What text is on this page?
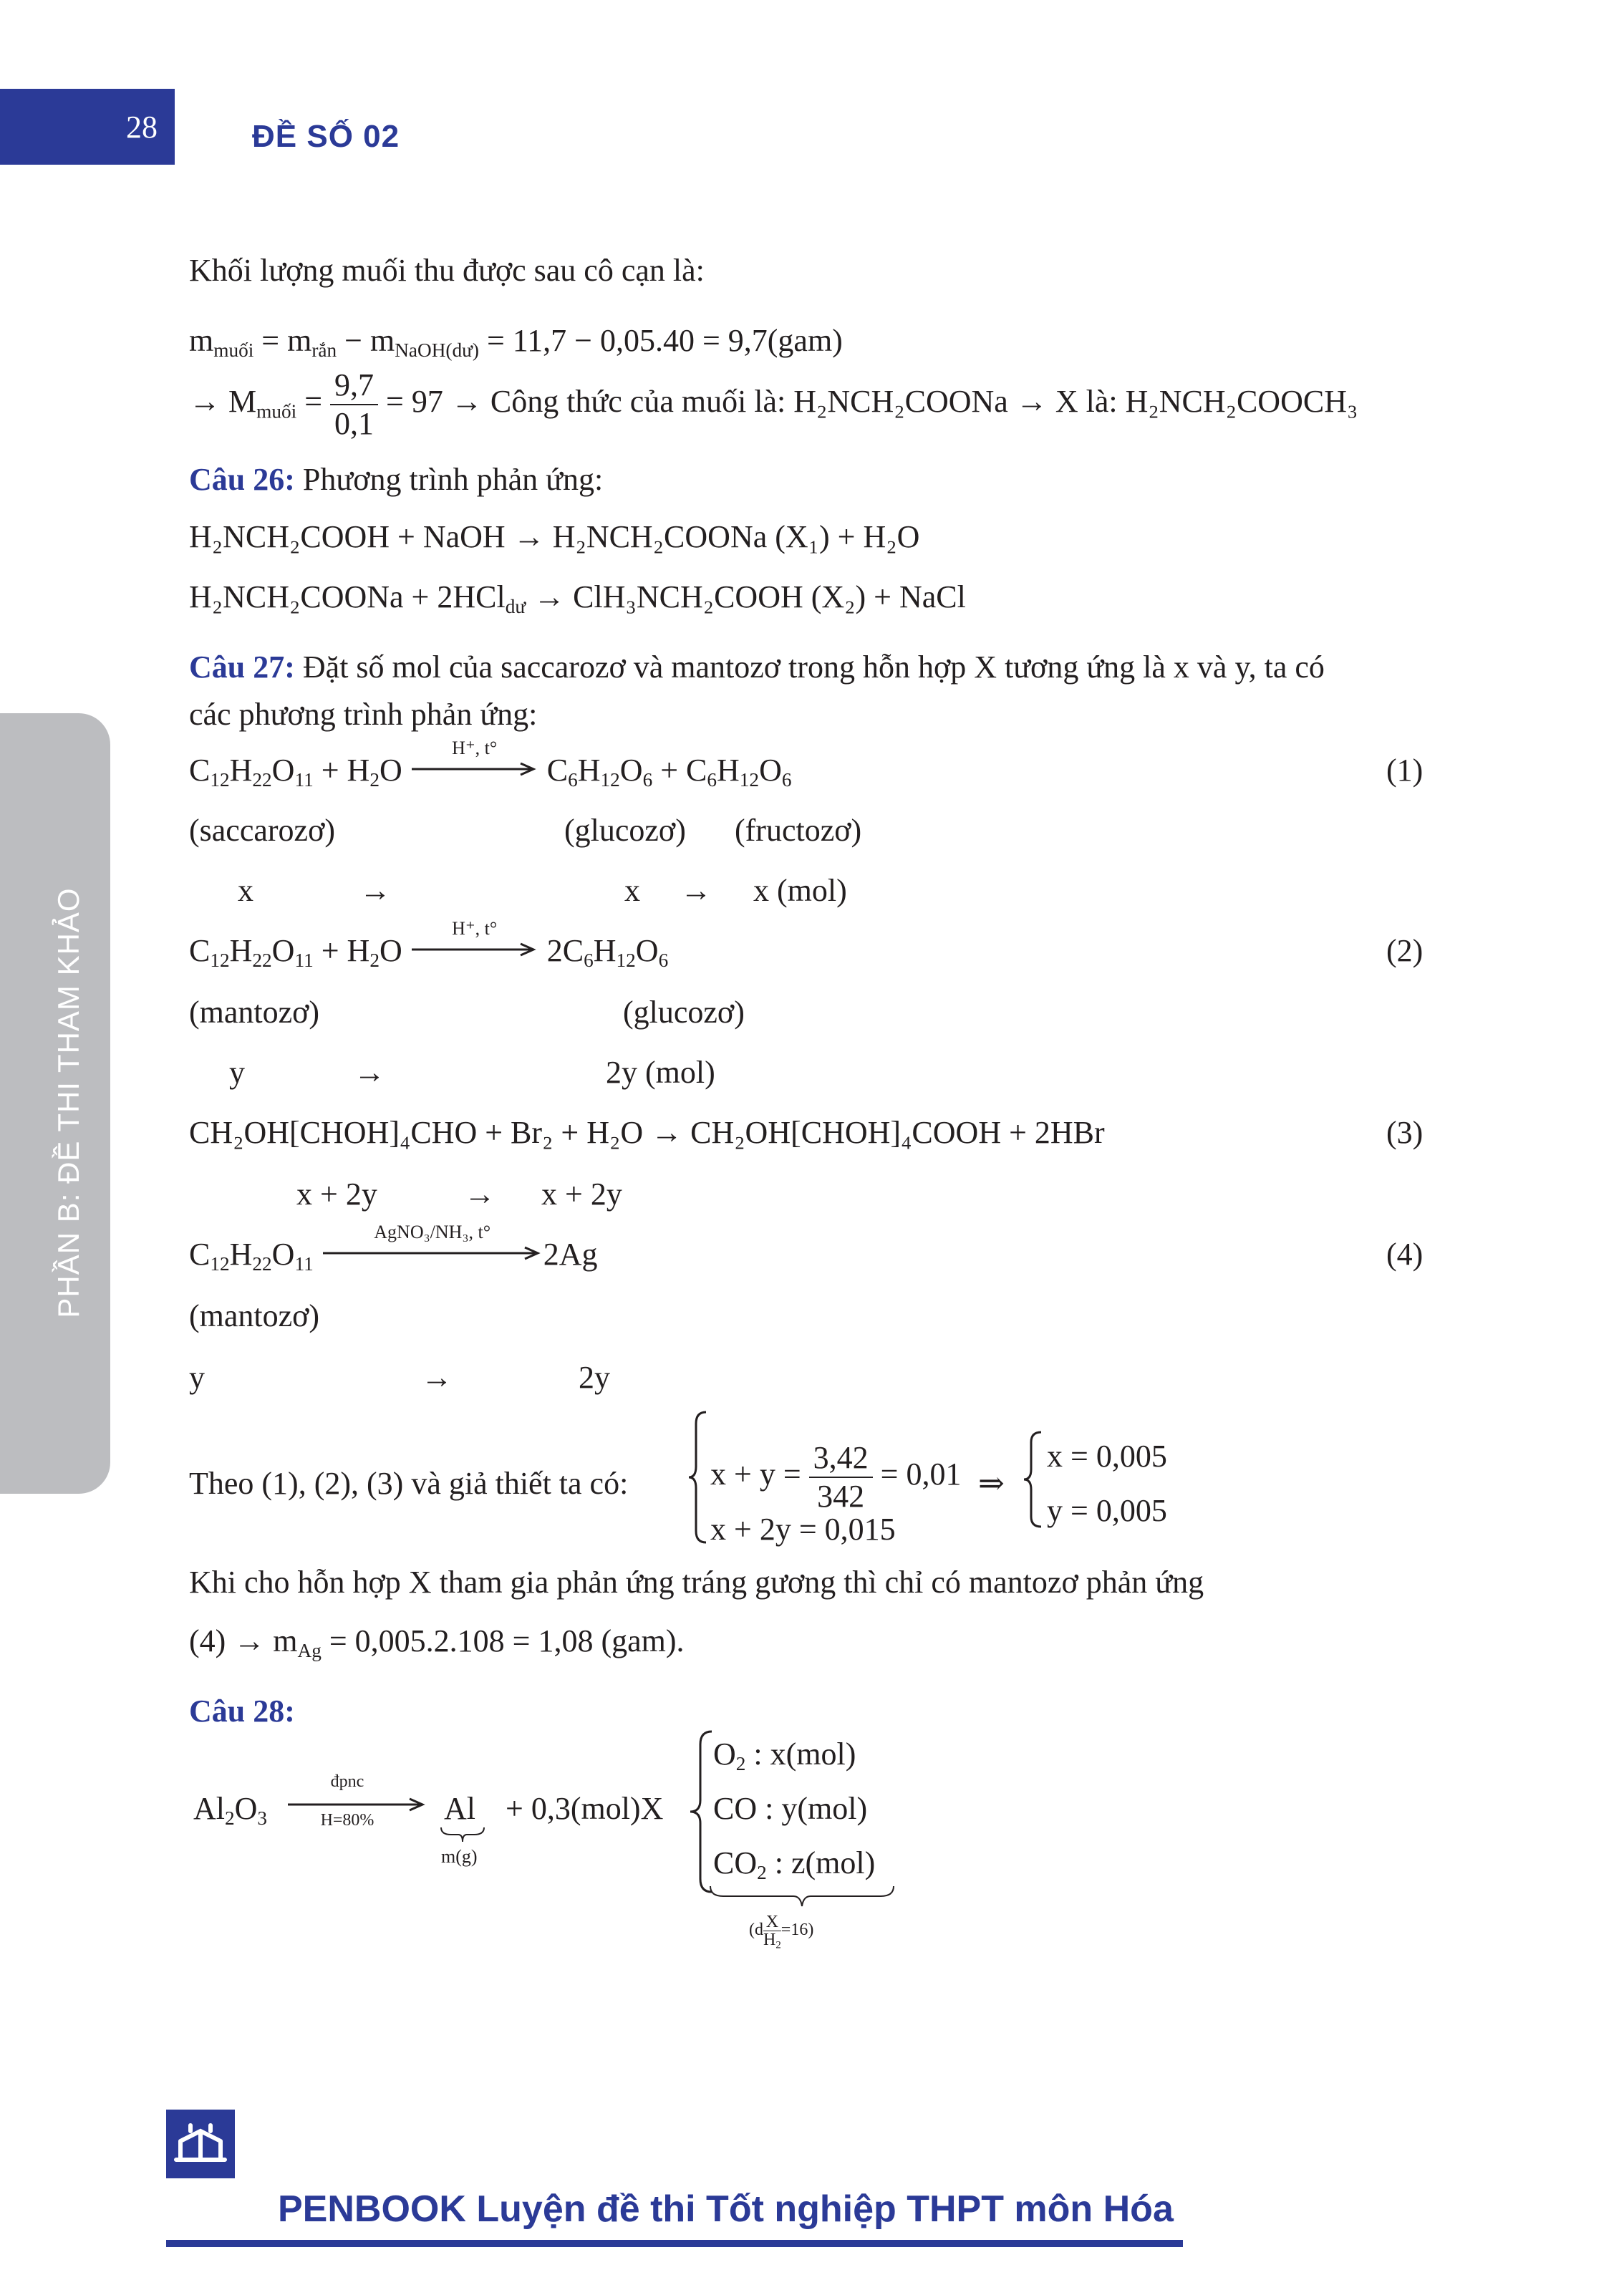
28	ĐỀ SỐ 02
PHẦN B: ĐỀ THI THAM KHẢO
Khối lượng muối thu được sau cô cạn là:
$m_{muối} = m_{rắn} - m_{NaOH(dư)} = 11,7 - 0,05.40 = 9,7(gam)$
→ $M_{muối} = \frac{9,7}{0,1} = 97$ → Công thức của muối là: H₂NCH₂COONa → X là: H₂NCH₂COOCH₃
Câu 26: Phương trình phản ứng:
H₂NCH₂COOH + NaOH → H₂NCH₂COONa (X₁) + H₂O
H₂NCH₂COONa + 2HCl$_{dư}$ → ClH₃NCH₂COOH (X₂) + NaCl
Câu 27: Đặt số mol của saccarozơ và mantozơ trong hỗn hợp X tương ứng là x và y, ta có
các phương trình phản ứng:
$C_{12}H_{22}O_{11} + H_2O$
H⁺, t°
$C_6H_{12}O_6 + C_6H_{12}O_6$	(1)
(saccarozơ)	(glucozơ) (fructozơ)
x	→	x → x (mol)
$C_{12}H_{22}O_{11} + H_2O$
H⁺, t°
$2C_6H_{12}O_6$	(2)
(mantozơ)	(glucozơ)
y	→	2y (mol)
CH₂OH[CHOH]₄CHO + Br₂ + H₂O → CH₂OH[CHOH]₄COOH + 2HBr	(3)
x + 2y	→ x + 2y
$C_{12}H_{22}O_{11}$
AgNO₃/NH₃, t°
2Ag	(4)
(mantozơ)
y	→	2y
Theo (1), (2), (3) và giả thiết ta có:	$x + y = \frac{3,42}{342} = 0,01$
x + 2y = 0,015
⇒
x = 0,005
y = 0,005
Khi cho hỗn hợp X tham gia phản ứng tráng gương thì chỉ có mantozơ phản ứng
$(4) \to m_{Ag} = 0,005.2.108 = 1,08$ (gam).
Câu 28:
$Al_2O_3$
đpnc
H=80%	Al
m(g)
+ 0,3(mol)X
$O_2$ : x(mol)
CO : y(mol)
$CO_2$ : z(mol)
$(d \frac{X}{H_2} =16)$
PENBOOK Luyện đề thi Tốt nghiệp THPT môn Hóa
